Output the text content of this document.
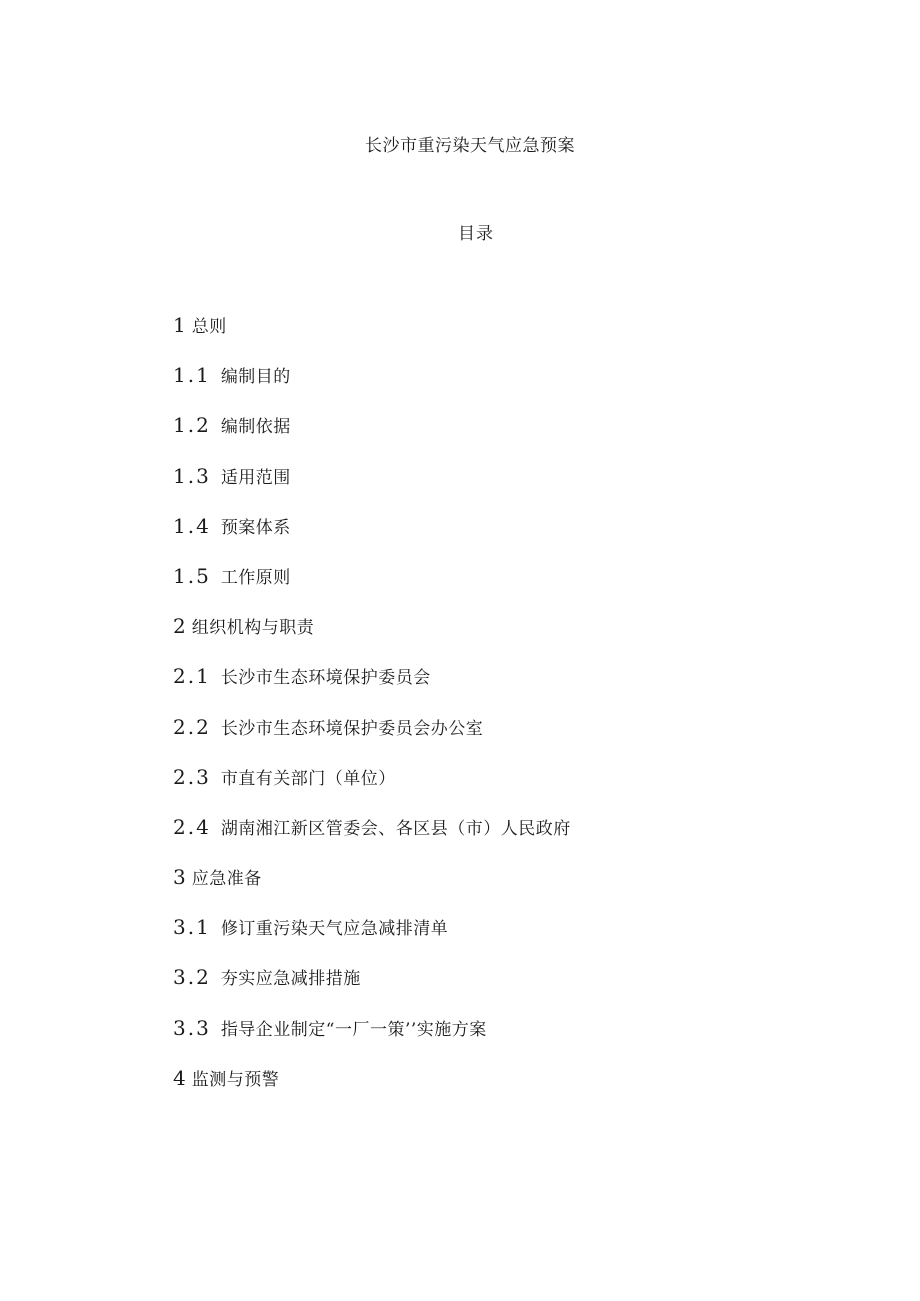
长沙市重污染天气应急预案
目录
1 总则
1.1 编制目的
1.2 编制依据
1.3 适用范围
1.4 预案体系
1.5 工作原则
2 组织机构与职责
2.1 长沙市生态环境保护委员会
2.2 长沙市生态环境保护委员会办公室
2.3 市直有关部门（单位）
2.4 湖南湘江新区管委会、各区县（市）人民政府
3 应急准备
3.1 修订重污染天气应急减排清单
3.2 夯实应急减排措施
3.3 指导企业制定“一厂一策’’实施方案
4 监测与预警
